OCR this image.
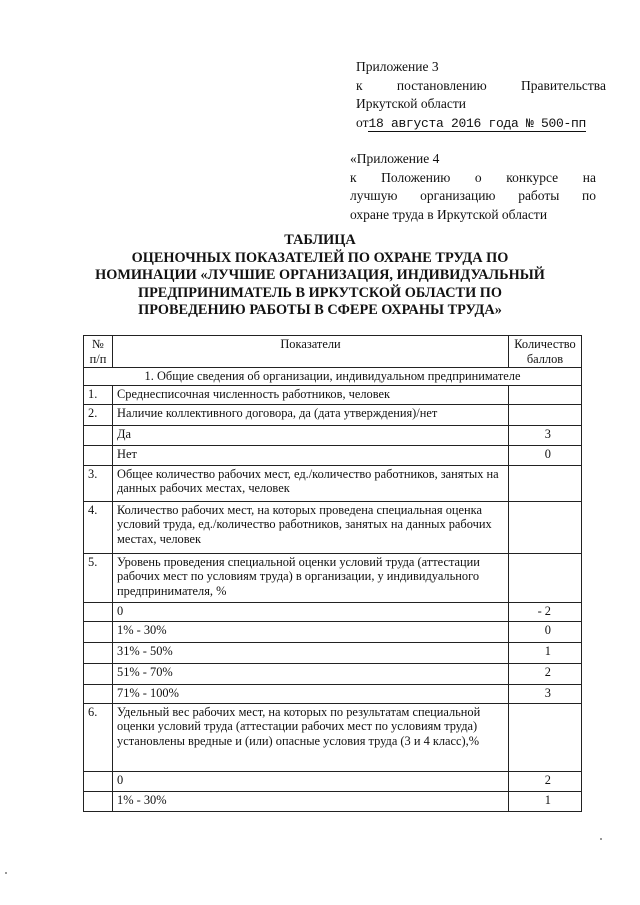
Приложение 3
к постановлению Правительства
Иркутской области
от18 августа 2016 года № 500-пп
«Приложение 4
к Положению о конкурсе на
лучшую организацию работы по
охране труда в Иркутской области
ТАБЛИЦА
ОЦЕНОЧНЫХ ПОКАЗАТЕЛЕЙ ПО ОХРАНЕ ТРУДА ПО
НОМИНАЦИИ «ЛУЧШИЕ ОРГАНИЗАЦИЯ, ИНДИВИДУАЛЬНЫЙ
ПРЕДПРИНИМАТЕЛЬ В ИРКУТСКОЙ ОБЛАСТИ ПО
ПРОВЕДЕНИЮ РАБОТЫ В СФЕРЕ ОХРАНЫ ТРУДА»
№ п/п	Показатели	Количество баллов
1. Общие сведения об организации, индивидуальном предпринимателе		
1.	Среднесписочная численность работников, человек	
2.	Наличие коллективного договора, да (дата утверждения)/нет	
	Да	3
	Нет	0
3.	Общее количество рабочих мест, ед./количество работников, занятых на данных рабочих местах, человек	
4.	Количество рабочих мест, на которых проведена специальная оценка условий труда, ед./количество работников, занятых на данных рабочих местах, человек	
5.	Уровень проведения специальной оценки условий труда (аттестации рабочих мест по условиям труда) в организации, у индивидуального предпринимателя, %	
	0	- 2
	1% - 30%	0
	31% - 50%	1
	51% - 70%	2
	71% - 100%	3
6.	Удельный вес рабочих мест, на которых по результатам специальной оценки условий труда (аттестации рабочих мест по условиям труда) установлены вредные и (или) опасные условия труда (3 и 4 класс),%	
	0	2
	1% - 30%	1
